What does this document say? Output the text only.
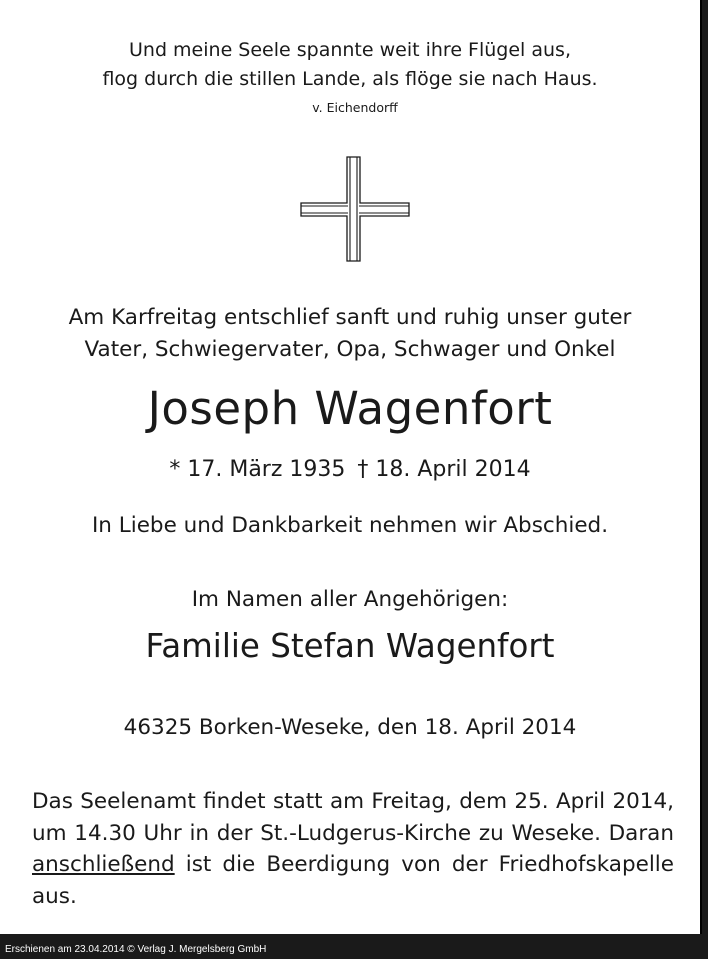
Und meine Seele spannte weit ihre Flügel aus,
flog durch die stillen Lande, als flöge sie nach Haus.
v. Eichendorff
Am Karfreitag entschlief sanft und ruhig unser guter
Vater, Schwiegervater, Opa, Schwager und Onkel
Joseph Wagenfort
* 17. März 1935 † 18. April 2014
In Liebe und Dankbarkeit nehmen wir Abschied.
Im Namen aller Angehörigen:
Familie Stefan Wagenfort
46325 Borken-Weseke, den 18. April 2014
Das Seelenamt findet statt am Freitag, dem 25. April 2014, um 14.30 Uhr in der St.-Ludgerus-Kirche zu Weseke. Daran anschließend ist die Beerdigung von der Friedhofskapelle aus.
Erschienen am 23.04.2014 © Verlag J. Mergelsberg GmbH
